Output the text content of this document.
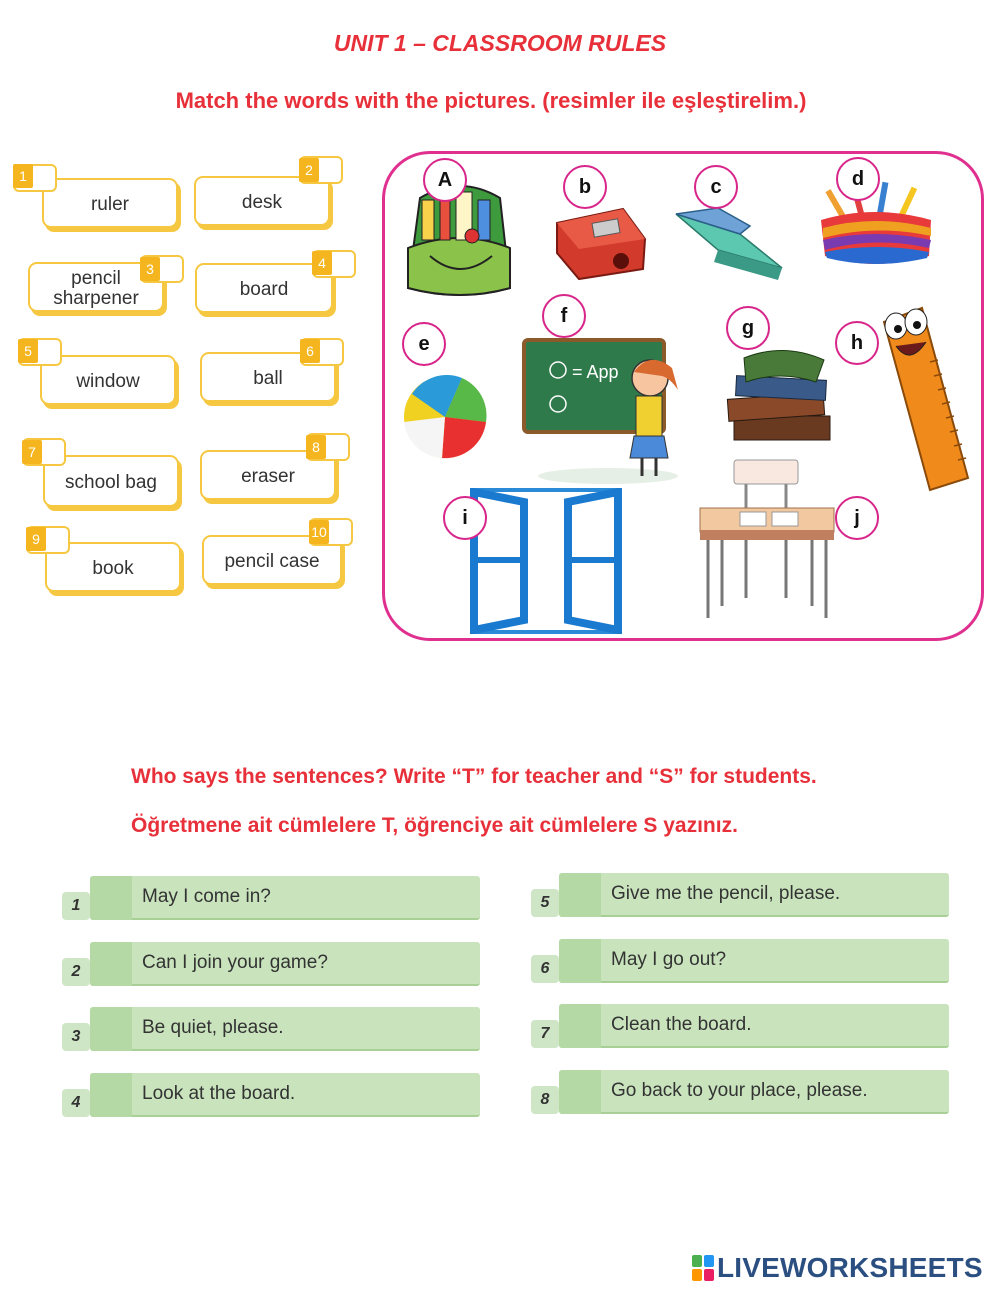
UNIT 1 – CLASSROOM RULES
Match the words with the pictures. (resimler ile eşleştirelim.)
ruler
1
desk
2
pencil sharpener
3
board
4
window
5
ball
6
school bag
7
eraser
8
book
9
pencil case
10
= App
A	b	c	d
e
f
g
h
i	j
Who says the sentences? Write “T” for teacher and “S” for students.
Öğretmene ait cümlelere T, öğrenciye ait cümlelere S yazınız.
1	May I come in?
2	Can I join your game?
3	Be quiet, please.
4	Look at the board.
5	Give me the pencil, please.
6	May I go out?
7	Clean the board.
8	Go back to your place, please.
LIVEWORKSHEETS
